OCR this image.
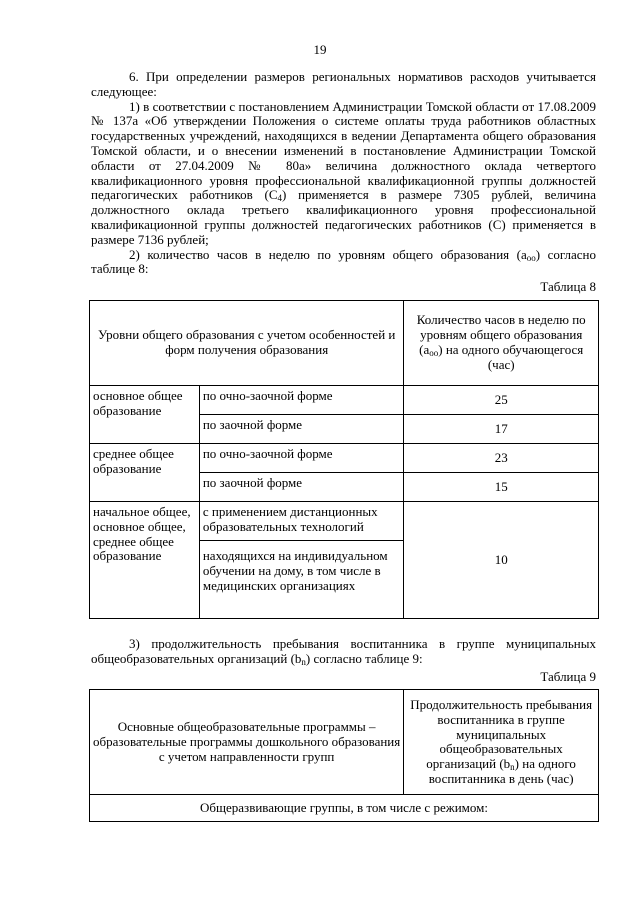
19

6. При определении размеров региональных нормативов расходов учитывается следующее:

1) в соответствии с постановлением Администрации Томской области от 17.08.2009 № 137а «Об утверждении Положения о системе оплаты труда работников областных государственных учреждений, находящихся в ведении Департамента общего образования Томской области, и о внесении изменений в постановление Администрации Томской области от 27.04.2009 № 80а» величина должностного оклада четвертого квалификационного уровня профессиональной квалификационной группы должностей педагогических работников $(C_4)$ применяется в размере 7305 рублей, величина должностного оклада третьего квалификационного уровня профессиональной квалификационной группы должностей педагогических работников (C) применяется в размере 7136 рублей;

2) количество часов в неделю по уровням общего образования $(a_{оо})$ согласно таблице 8:

Таблица 8
Уровни общего образования с учетом особенностей и форм получения образования		Количество часов в неделю по уровням общего образования $(a_{оо})$ на одного обучающегося (час)
основное общее образование	по очно-заочной форме	25
	по заочной форме	17
среднее общее образование	по очно-заочной форме	23
	по заочной форме	15
начальное общее, основное общее, среднее общее образование	с применением дистанционных образовательных технологий	10
	находящихся на индивидуальном обучении на дому, в том числе в медицинских организациях	

3) продолжительность пребывания воспитанника в группе муниципальных общеобразовательных организаций $(b_n)$ согласно таблице 9:

Таблица 9
Основные общеобразовательные программы – образовательные программы дошкольного образования с учетом направленности групп	Продолжительность пребывания воспитанника в группе муниципальных общеобразовательных организаций $(b_n)$ на одного воспитанника в день (час)
Общеразвивающие группы, в том числе с режимом:
